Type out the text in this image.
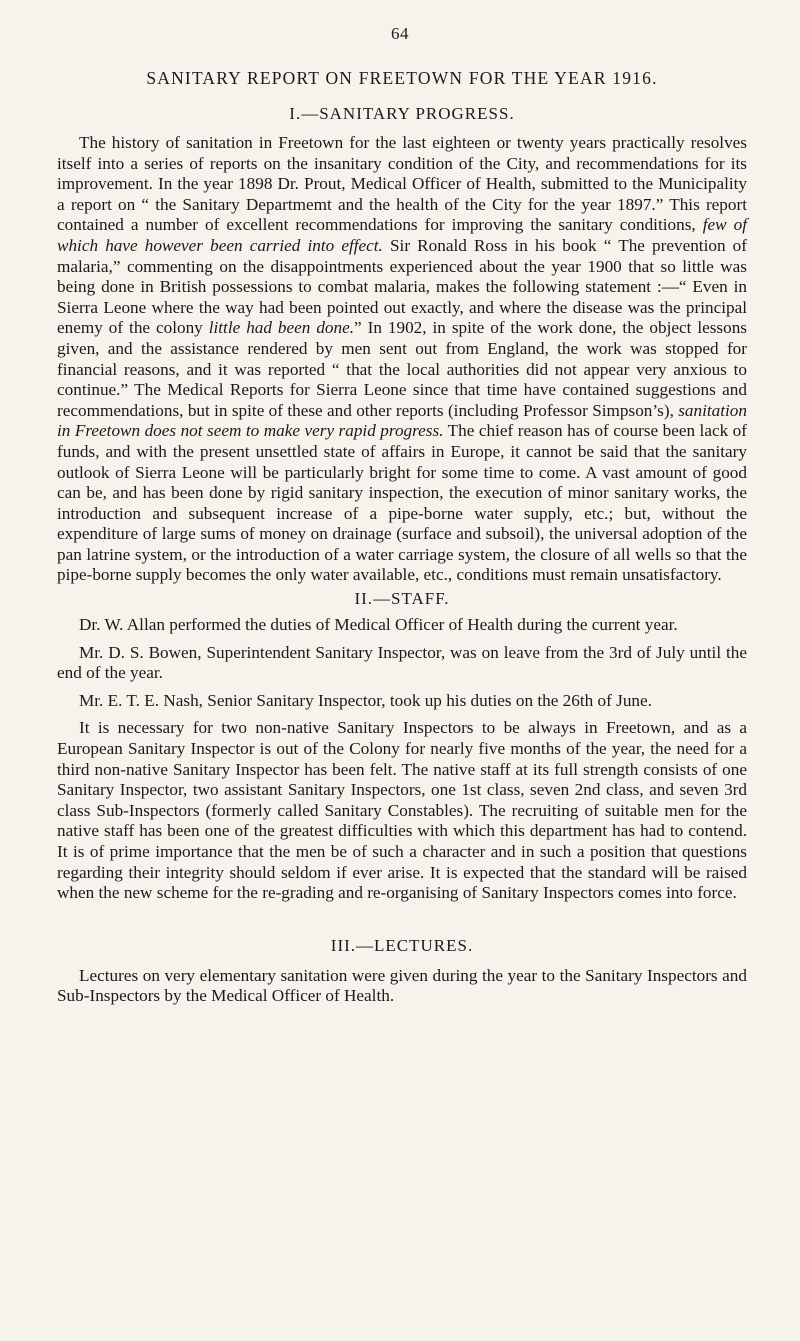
64
SANITARY REPORT ON FREETOWN FOR THE YEAR 1916.
I.—SANITARY PROGRESS.

The history of sanitation in Freetown for the last eighteen or twenty years practically resolves itself into a series of reports on the insanitary condition of the City, and recommendations for its improvement. In the year 1898 Dr. Prout, Medical Officer of Health, submitted to the Municipality a report on “ the Sanitary Departmemt and the health of the City for the year 1897.” This report contained a number of excellent recommendations for improving the sanitary conditions, few of which have however been carried into effect. Sir Ronald Ross in his book “ The prevention of malaria,” commenting on the disappointments experienced about the year 1900 that so little was being done in British possessions to combat malaria, makes the following statement :—“ Even in Sierra Leone where the way had been pointed out exactly, and where the disease was the principal enemy of the colony little had been done.” In 1902, in spite of the work done, the object lessons given, and the assistance rendered by men sent out from England, the work was stopped for financial reasons, and it was reported “ that the local authorities did not appear very anxious to continue.” The Medical Reports for Sierra Leone since that time have contained suggestions and recommendations, but in spite of these and other reports (including Professor Simpson’s), sanitation in Freetown does not seem to make very rapid progress. The chief reason has of course been lack of funds, and with the present unsettled state of affairs in Europe, it cannot be said that the sanitary outlook of Sierra Leone will be particularly bright for some time to come. A vast amount of good can be, and has been done by rigid sanitary inspection, the execution of minor sanitary works, the introduction and subsequent increase of a pipe-borne water supply, etc.; but, without the expenditure of large sums of money on drainage (surface and subsoil), the universal adoption of the pan latrine system, or the introduction of a water carriage system, the closure of all wells so that the pipe-borne supply becomes the only water available, etc., conditions must remain unsatisfactory.

II.—STAFF.

Dr. W. Allan performed the duties of Medical Officer of Health during the current year.

Mr. D. S. Bowen, Superintendent Sanitary Inspector, was on leave from the 3rd of July until the end of the year.

Mr. E. T. E. Nash, Senior Sanitary Inspector, took up his duties on the 26th of June.

It is necessary for two non-native Sanitary Inspectors to be always in Freetown, and as a European Sanitary Inspector is out of the Colony for nearly five months of the year, the need for a third non-native Sanitary Inspector has been felt. The native staff at its full strength consists of one Sanitary Inspector, two assistant Sanitary Inspectors, one 1st class, seven 2nd class, and seven 3rd class Sub-Inspectors (formerly called Sanitary Constables). The recruiting of suitable men for the native staff has been one of the greatest difficulties with which this department has had to contend. It is of prime importance that the men be of such a character and in such a position that questions regarding their integrity should seldom if ever arise. It is expected that the standard will be raised when the new scheme for the re-grading and re-organising of Sanitary Inspectors comes into force.

III.—LECTURES.

Lectures on very elementary sanitation were given during the year to the Sanitary Inspectors and Sub-Inspectors by the Medical Officer of Health.
